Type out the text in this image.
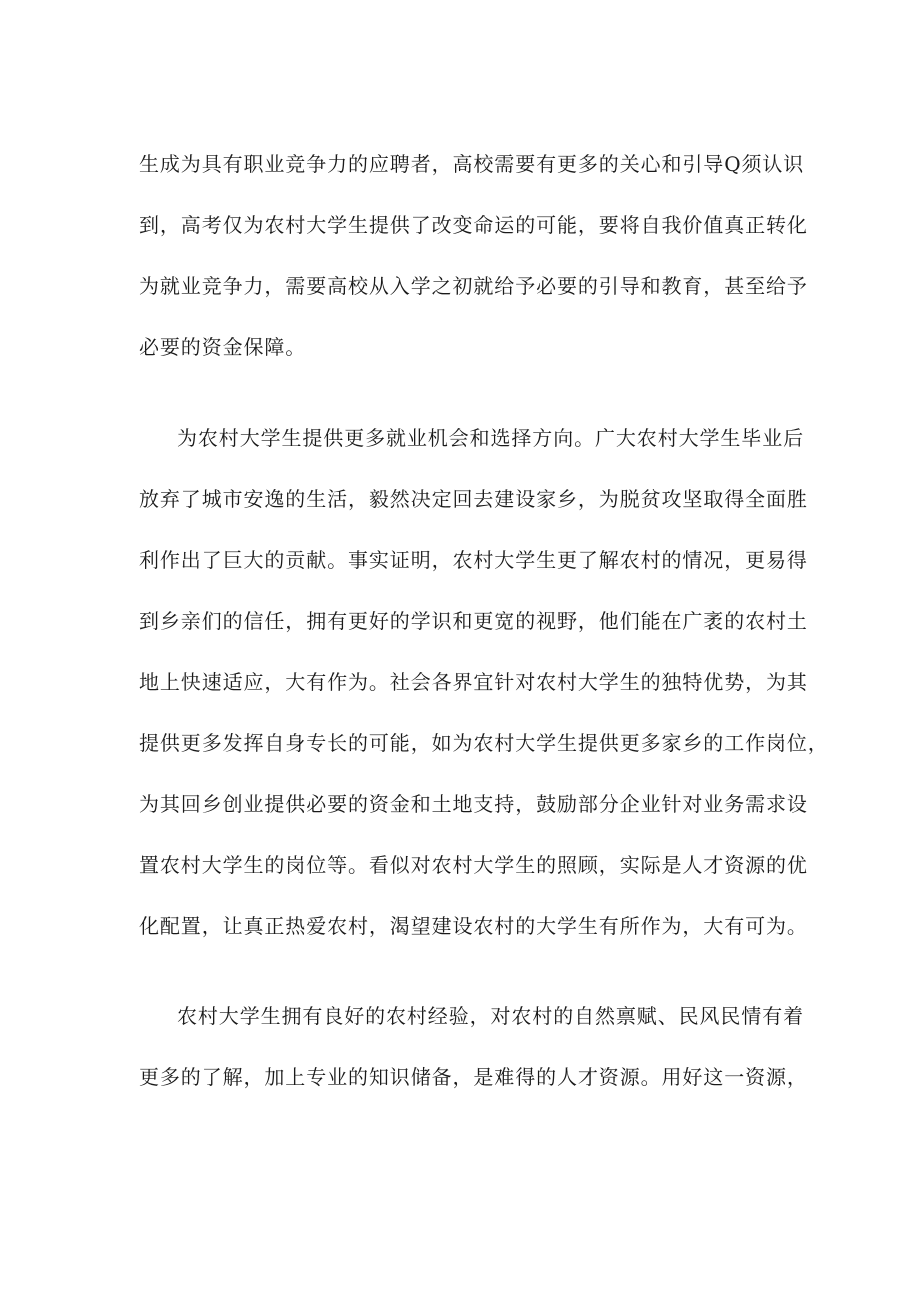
生成为具有职业竞争力的应聘者，高校需要有更多的关心和引导Q须认识
到，高考仅为农村大学生提供了改变命运的可能，要将自我价值真正转化
为就业竞争力，需要高校从入学之初就给予必要的引导和教育，甚至给予
必要的资金保障。
为农村大学生提供更多就业机会和选择方向。广大农村大学生毕业后
放弃了城市安逸的生活，毅然决定回去建设家乡，为脱贫攻坚取得全面胜
利作出了巨大的贡献。事实证明，农村大学生更了解农村的情况，更易得
到乡亲们的信任，拥有更好的学识和更宽的视野，他们能在广袤的农村土
地上快速适应，大有作为。社会各界宜针对农村大学生的独特优势，为其
提供更多发挥自身专长的可能，如为农村大学生提供更多家乡的工作岗位，
为其回乡创业提供必要的资金和土地支持，鼓励部分企业针对业务需求设
置农村大学生的岗位等。看似对农村大学生的照顾，实际是人才资源的优
化配置，让真正热爱农村，渴望建设农村的大学生有所作为，大有可为。
农村大学生拥有良好的农村经验，对农村的自然禀赋、民风民情有着
更多的了解，加上专业的知识储备，是难得的人才资源。用好这一资源，
